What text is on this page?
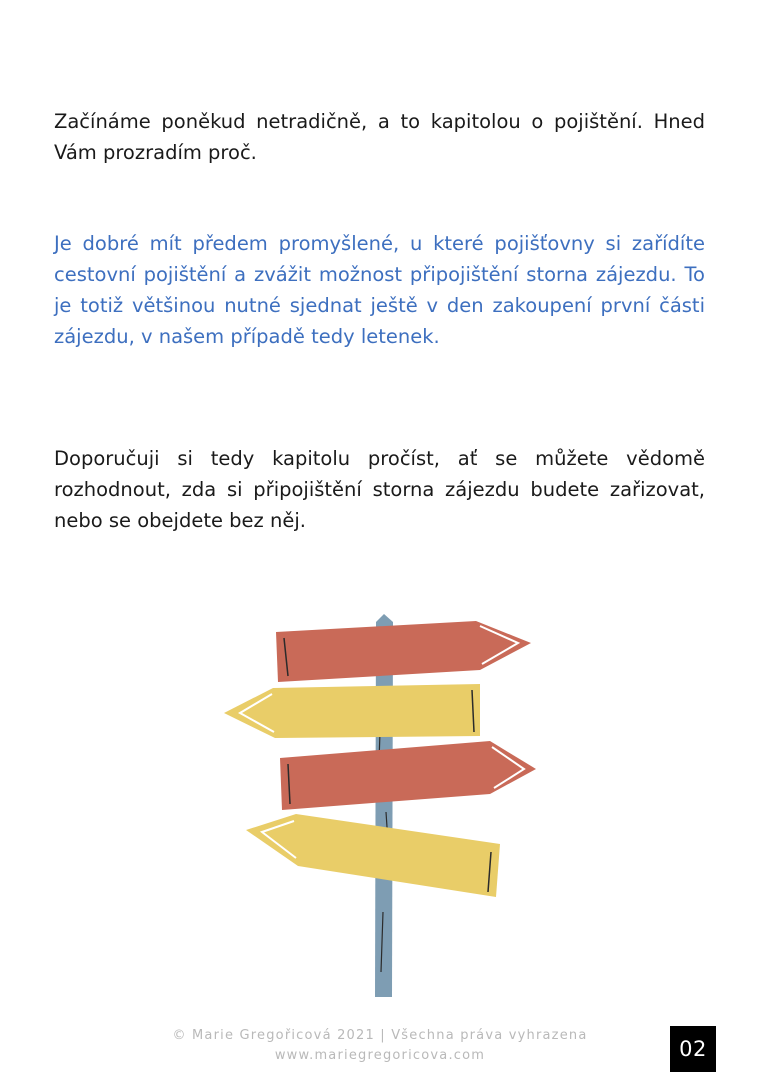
Začínáme poněkud netradičně, a to kapitolou o pojištění. Hned Vám prozradím proč.

Je dobré mít předem promyšlené, u které pojišťovny si zařídíte cestovní pojištění a zvážit možnost připojištění storna zájezdu. To je totiž většinou nutné sjednat ještě v den zakoupení první části zájezdu, v našem případě tedy letenek.

Doporučuji si tedy kapitolu pročíst, ať se můžete vědomě rozhodnout, zda si připojištění storna zájezdu budete zařizovat, nebo se obejdete bez něj.

© Marie Gregořicová 2021 | Všechna práva vyhrazena

www.mariegregoricova.com	02
